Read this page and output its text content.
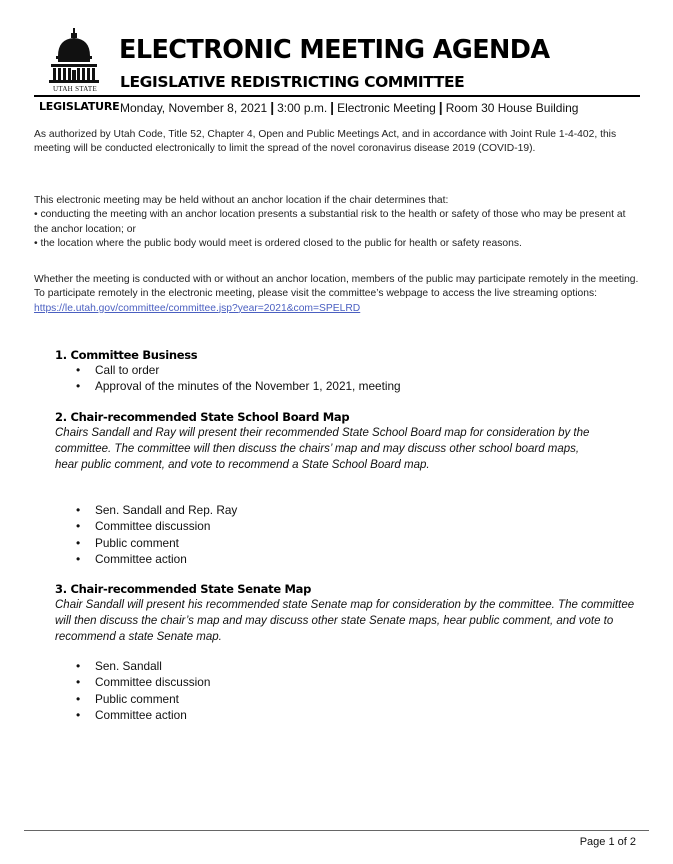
UTAH STATE
ELECTRONIC MEETING AGENDA
LEGISLATIVE REDISTRICTING COMMITTEE
LEGISLATURE Monday, November 8, 2021 | 3:00 p.m. | Electronic Meeting | Room 30 House Building
As authorized by Utah Code, Title 52, Chapter 4, Open and Public Meetings Act, and in accordance with Joint Rule 1-4-402, this meeting will be conducted electronically to limit the spread of the novel coronavirus disease 2019 (COVID-19).
This electronic meeting may be held without an anchor location if the chair determines that:
• conducting the meeting with an anchor location presents a substantial risk to the health or safety of those who may be present at the anchor location; or
• the location where the public body would meet is ordered closed to the public for health or safety reasons.
Whether the meeting is conducted with or without an anchor location, members of the public may participate remotely in the meeting. To participate remotely in the electronic meeting, please visit the committee’s webpage to access the live streaming options: https://le.utah.gov/committee/committee.jsp?year=2021&com=SPELRD
1. Committee Business
• Call to order
• Approval of the minutes of the November 1, 2021, meeting
2. Chair-recommended State School Board Map
Chairs Sandall and Ray will present their recommended State School Board map for consideration by the committee. The committee will then discuss the chairs’ map and may discuss other school board maps, hear public comment, and vote to recommend a State School Board map.
• Sen. Sandall and Rep. Ray
• Committee discussion
• Public comment
• Committee action
3. Chair-recommended State Senate Map
Chair Sandall will present his recommended state Senate map for consideration by the committee. The committee will then discuss the chair’s map and may discuss other state Senate maps, hear public comment, and vote to recommend a state Senate map.
• Sen. Sandall
• Committee discussion
• Public comment
• Committee action
Page 1 of 2
